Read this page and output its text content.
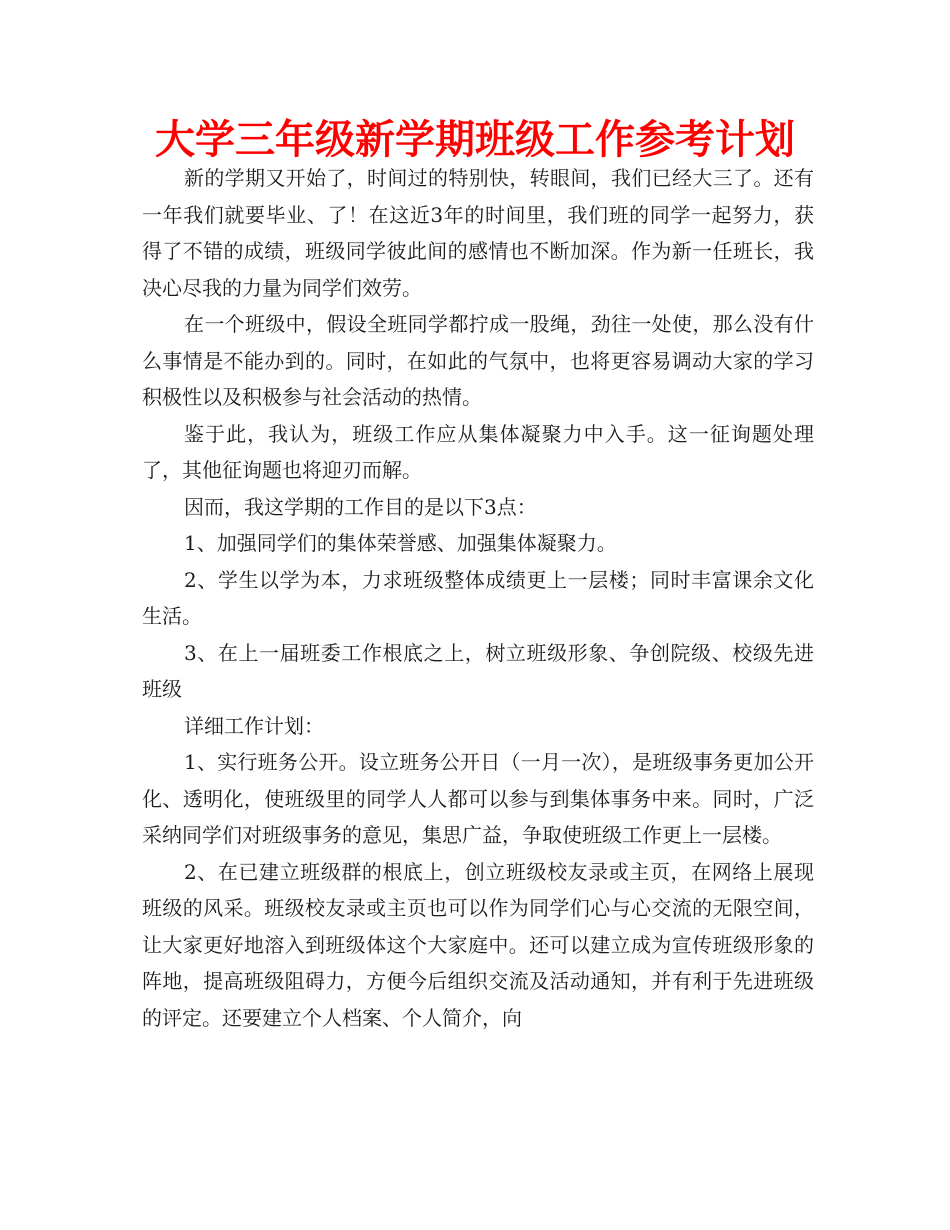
大学三年级新学期班级工作参考计划

新的学期又开始了，时间过的特别快，转眼间，我们已经大三了。还有一年我们就要毕业、了！在这近3年的时间里，我们班的同学一起努力，获得了不错的成绩，班级同学彼此间的感情也不断加深。作为新一任班长，我决心尽我的力量为同学们效劳。

在一个班级中，假设全班同学都拧成一股绳，劲往一处使，那么没有什么事情是不能办到的。同时，在如此的气氛中，也将更容易调动大家的学习积极性以及积极参与社会活动的热情。

鉴于此，我认为，班级工作应从集体凝聚力中入手。这一征询题处理了，其他征询题也将迎刃而解。

因而，我这学期的工作目的是以下3点：

1、加强同学们的集体荣誉感、加强集体凝聚力。

2、学生以学为本，力求班级整体成绩更上一层楼；同时丰富课余文化生活。

3、在上一届班委工作根底之上，树立班级形象、争创院级、校级先进班级

详细工作计划：

1、实行班务公开。设立班务公开日（一月一次），是班级事务更加公开化、透明化，使班级里的同学人人都可以参与到集体事务中来。同时，广泛采纳同学们对班级事务的意见，集思广益，争取使班级工作更上一层楼。

2、在已建立班级群的根底上，创立班级校友录或主页，在网络上展现班级的风采。班级校友录或主页也可以作为同学们心与心交流的无限空间，让大家更好地溶入到班级体这个大家庭中。还可以建立成为宣传班级形象的阵地，提高班级阻碍力，方便今后组织交流及活动通知，并有利于先进班级的评定。还要建立个人档案、个人简介，向
